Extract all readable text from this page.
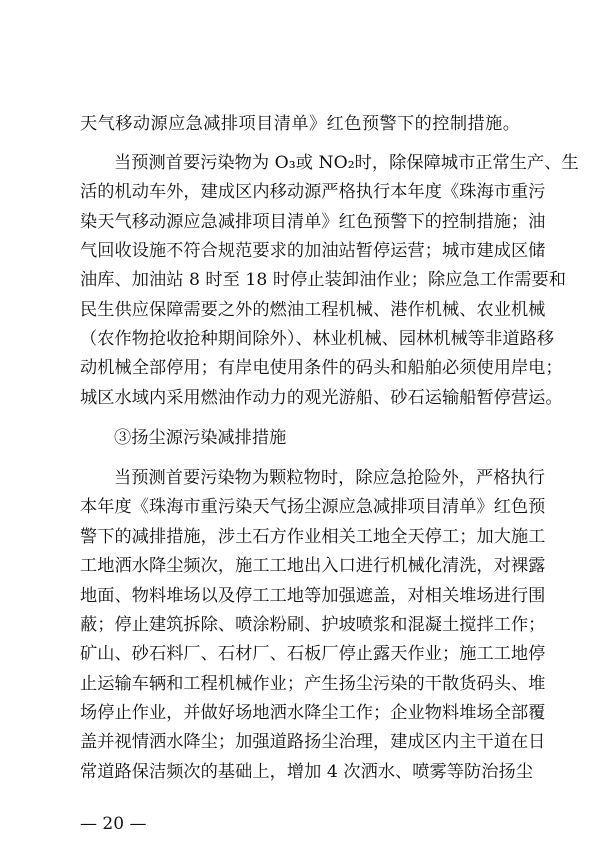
天气移动源应急减排项目清单》红色预警下的控制措施。
当预测首要污染物为 O₃或 NO₂时，除保障城市正常生产、生
活的机动车外，建成区内移动源严格执行本年度《珠海市重污
染天气移动源应急减排项目清单》红色预警下的控制措施；油
气回收设施不符合规范要求的加油站暂停运营；城市建成区储
油库、加油站 8 时至 18 时停止装卸油作业；除应急工作需要和
民生供应保障需要之外的燃油工程机械、港作机械、农业机械
（农作物抢收抢种期间除外）、林业机械、园林机械等非道路移
动机械全部停用；有岸电使用条件的码头和船舶必须使用岸电；
城区水域内采用燃油作动力的观光游船、砂石运输船暂停营运。
③扬尘源污染减排措施
当预测首要污染物为颗粒物时，除应急抢险外，严格执行
本年度《珠海市重污染天气扬尘源应急减排项目清单》红色预
警下的减排措施，涉土石方作业相关工地全天停工；加大施工
工地洒水降尘频次，施工工地出入口进行机械化清洗，对裸露
地面、物料堆场以及停工工地等加强遮盖，对相关堆场进行围
蔽；停止建筑拆除、喷涂粉刷、护坡喷浆和混凝土搅拌工作；
矿山、砂石料厂、石材厂、石板厂停止露天作业；施工工地停
止运输车辆和工程机械作业；产生扬尘污染的干散货码头、堆
场停止作业，并做好场地洒水降尘工作；企业物料堆场全部覆
盖并视情洒水降尘；加强道路扬尘治理，建成区内主干道在日
常道路保洁频次的基础上，增加 4 次洒水、喷雾等防治扬尘
— 20 —
